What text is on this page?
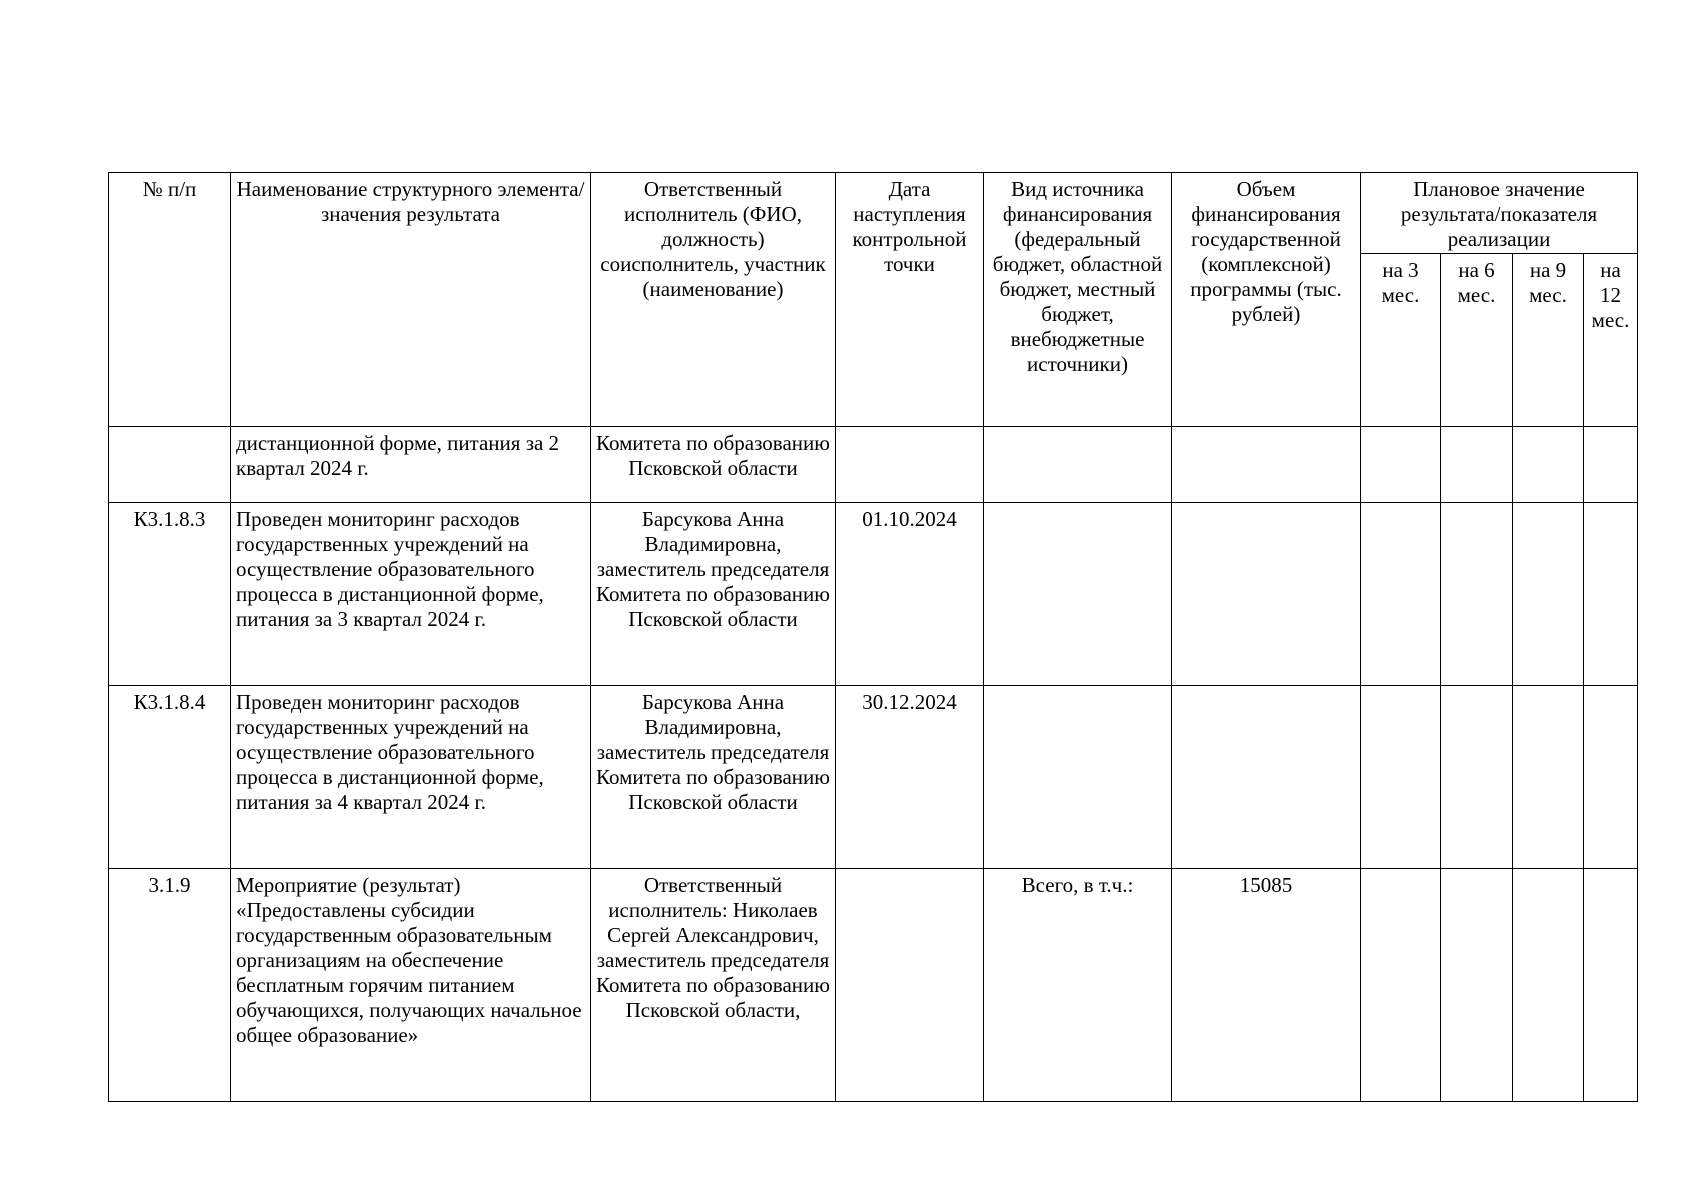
№ п/п	Наименование структурного элемента/ значения результата	Ответственный исполнитель (ФИО, должность) соисполнитель, участник (наименование)	Дата наступления контрольной точки	Вид источника финансирования (федеральный бюджет, областной бюджет, местный бюджет, внебюджетные источники)	Объем финансирования государственной (комплексной) программы (тыс. рублей)	Плановое значение результата/показателя реализации			
						на 3 мес.	на 6 мес.	на 9 мес.	на 12 мес.
	дистанционной форме, питания за 2 квартал 2024 г.	Комитета по образованию Псковской области							
К3.1.8.3	Проведен мониторинг расходов государственных учреждений на осуществление образовательного процесса в дистанционной форме, питания за 3 квартал 2024 г.	Барсукова Анна Владимировна, заместитель председателя Комитета по образованию Псковской области	01.10.2024						
К3.1.8.4	Проведен мониторинг расходов государственных учреждений на осуществление образовательного процесса в дистанционной форме, питания за 4 квартал 2024 г.	Барсукова Анна Владимировна, заместитель председателя Комитета по образованию Псковской области	30.12.2024						
3.1.9	Мероприятие (результат) «Предоставлены субсидии государственным образовательным организациям на обеспечение бесплатным горячим питанием обучающихся, получающих начальное общее образование»	Ответственный исполнитель: Николаев Сергей Александрович, заместитель председателя Комитета по образованию Псковской области,		Всего, в т.ч.:	15085				
